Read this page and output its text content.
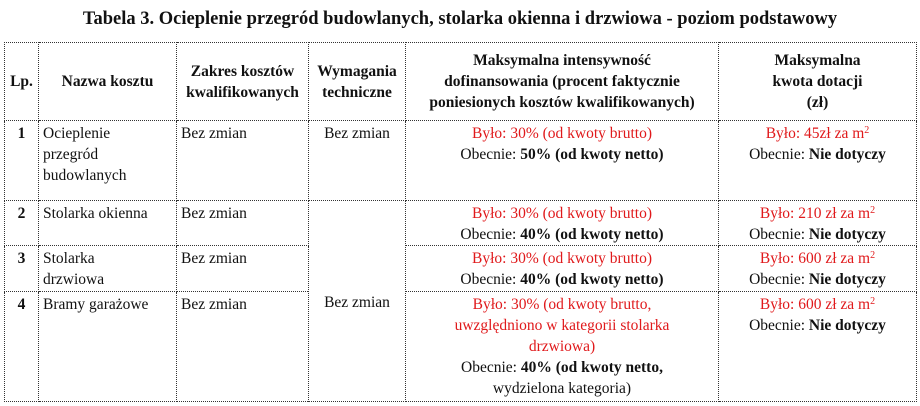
Tabela 3. Ocieplenie przegród budowlanych, stolarka okienna i drzwiowa - poziom podstawowy
Lp.	Nazwa kosztu	Zakres kosztów
kwalifikowanych	Wymagania
techniczne	Maksymalna intensywność
dofinansowania (procent faktycznie
poniesionych kosztów kwalifikowanych)	Maksymalna
kwota dotacji
(zł)
1	Ocieplenie
przegród
budowlanych	Bez zmian	Bez zmian	Było: 30% (od kwoty brutto)
Obecnie: 50% (od kwoty netto)	Było: 45zł za $m^2$
Obecnie: Nie dotyczy
2	Stolarka okienna	Bez zmian	Bez zmian	Było: 30% (od kwoty brutto)
Obecnie: 40% (od kwoty netto)	Było: 210 zł za $m^2$
Obecnie: Nie dotyczy
3	Stolarka
drzwiowa	Bez zmian		Było: 30% (od kwoty brutto)
Obecnie: 40% (od kwoty netto)	Było: 600 zł za $m^2$
Obecnie: Nie dotyczy
4	Bramy garażowe	Bez zmian		Było: 30% (od kwoty brutto,
uwzględniono w kategorii stolarka
drzwiowa)
Obecnie: 40% (od kwoty netto,
wydzielona kategoria)	Było: 600 zł za $m^2$
Obecnie: Nie dotyczy
